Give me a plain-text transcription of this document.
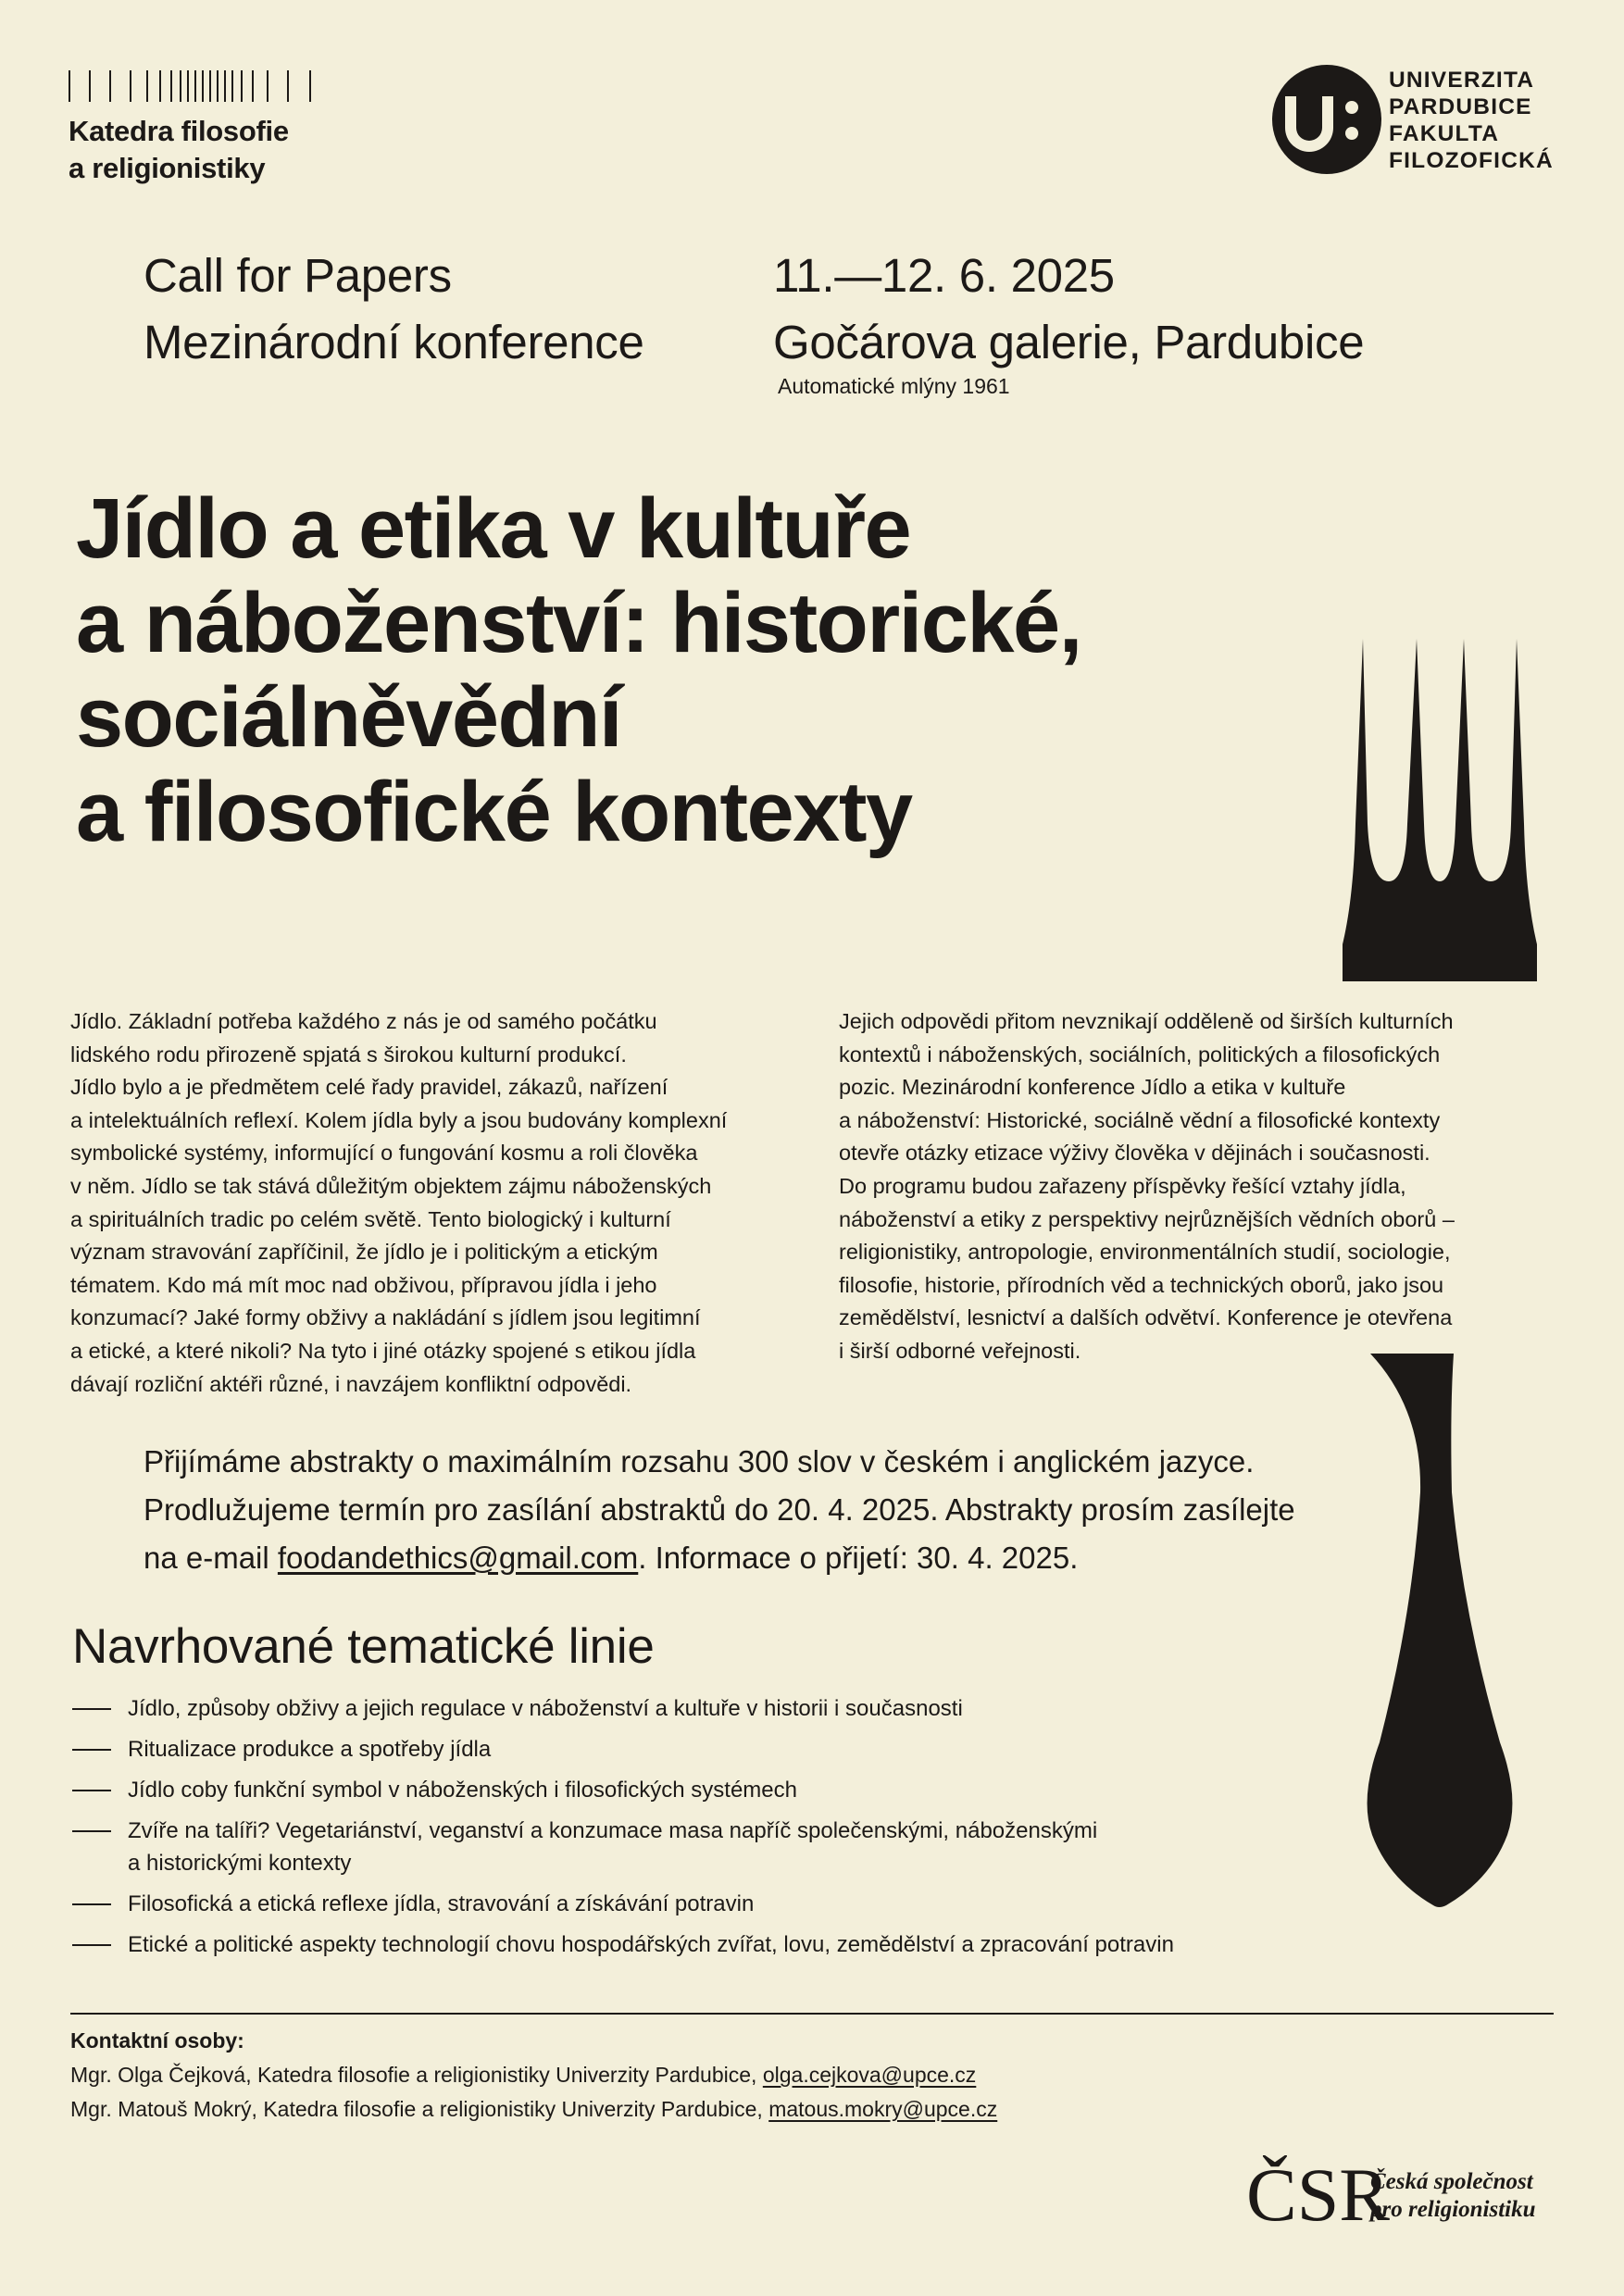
Katedra filosofie
a religionistiky
UNIVERZITA
PARDUBICE
FAKULTA
FILOZOFICKÁ
Call for Papers
Mezinárodní konference
11.—12. 6. 2025
Gočárova galerie, Pardubice
Automatické mlýny 1961
Jídlo a etika v kultuře
a náboženství: historické,
sociálněvědní
a filosofické kontexty
Jídlo. Základní potřeba každého z nás je od samého počátku
lidského rodu přirozeně spjatá s širokou kulturní produkcí.
Jídlo bylo a je předmětem celé řady pravidel, zákazů, nařízení
a intelektuálních reflexí. Kolem jídla byly a jsou budovány komplexní
symbolické systémy, informující o fungování kosmu a roli člověka
v něm. Jídlo se tak stává důležitým objektem zájmu náboženských
a spirituálních tradic po celém světě. Tento biologický i kulturní
význam stravování zapříčinil, že jídlo je i politickým a etickým
tématem. Kdo má mít moc nad obživou, přípravou jídla i jeho
konzumací? Jaké formy obživy a nakládání s jídlem jsou legitimní
a etické, a které nikoli? Na tyto i jiné otázky spojené s etikou jídla
dávají rozliční aktéři různé, i navzájem konfliktní odpovědi.
Jejich odpovědi přitom nevznikají odděleně od širších kulturních
kontextů i náboženských, sociálních, politických a filosofických
pozic. Mezinárodní konference Jídlo a etika v kultuře
a náboženství: Historické, sociálně vědní a filosofické kontexty
otevře otázky etizace výživy člověka v dějinách i současnosti.
Do programu budou zařazeny příspěvky řešící vztahy jídla,
náboženství a etiky z perspektivy nejrůznějších vědních oborů –
religionistiky, antropologie, environmentálních studií, sociologie,
filosofie, historie, přírodních věd a technických oborů, jako jsou
zemědělství, lesnictví a dalších odvětví. Konference je otevřena
i širší odborné veřejnosti.
Přijímáme abstrakty o maximálním rozsahu 300 slov v českém i anglickém jazyce.
Prodlužujeme termín pro zasílání abstraktů do 20. 4. 2025. Abstrakty prosím zasílejte
na e-mail foodandethics@gmail.com. Informace o přijetí: 30. 4. 2025.
Navrhované tematické linie
Jídlo, způsoby obživy a jejich regulace v náboženství a kultuře v historii i současnosti
Ritualizace produkce a spotřeby jídla
Jídlo coby funkční symbol v náboženských i filosofických systémech
Zvíře na talíři? Vegetariánství, veganství a konzumace masa napříč společenskými, náboženskými
a historickými kontexty
Filosofická a etická reflexe jídla, stravování a získávání potravin
Etické a politické aspekty technologií chovu hospodářských zvířat, lovu, zemědělství a zpracování potravin
Kontaktní osoby:
Mgr. Olga Čejková, Katedra filosofie a religionistiky Univerzity Pardubice, olga.cejkova@upce.cz
Mgr. Matouš Mokrý, Katedra filosofie a religionistiky Univerzity Pardubice, matous.mokry@upce.cz
ČSR
Česká společnost
pro religionistiku
